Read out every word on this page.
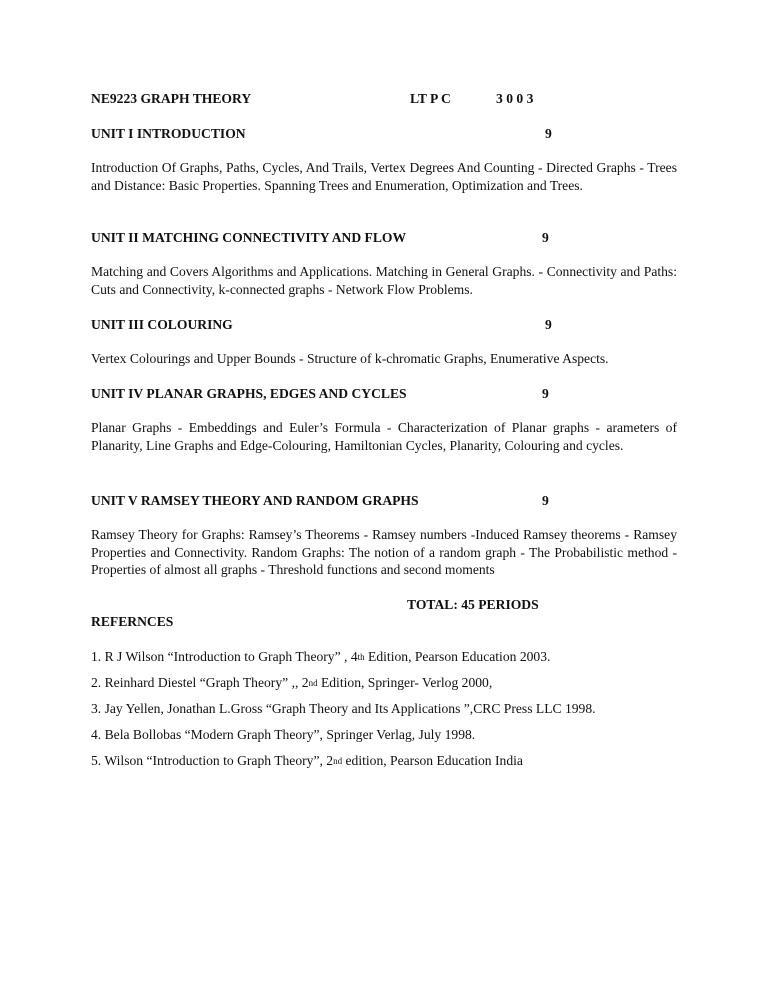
NE9223 GRAPH THEORY	LT P C	3 0 0 3
UNIT I INTRODUCTION	9
Introduction Of Graphs, Paths, Cycles, And Trails, Vertex Degrees And Counting - Directed Graphs - Trees and Distance: Basic Properties. Spanning Trees and Enumeration, Optimization and Trees.
UNIT II MATCHING CONNECTIVITY AND FLOW	9
Matching and Covers Algorithms and Applications. Matching in General Graphs. - Connectivity and Paths: Cuts and Connectivity, k-connected graphs - Network Flow Problems.
UNIT III COLOURING	9
Vertex Colourings and Upper Bounds - Structure of k-chromatic Graphs, Enumerative Aspects.
UNIT IV PLANAR GRAPHS, EDGES AND CYCLES	9
Planar Graphs - Embeddings and Euler’s Formula - Characterization of Planar graphs - arameters of Planarity, Line Graphs and Edge-Colouring, Hamiltonian Cycles, Planarity, Colouring and cycles.
UNIT V RAMSEY THEORY AND RANDOM GRAPHS	9
Ramsey Theory for Graphs: Ramsey’s Theorems - Ramsey numbers -Induced Ramsey theorems - Ramsey Properties and Connectivity. Random Graphs: The notion of a random graph - The Probabilistic method - Properties of almost all graphs - Threshold functions and second moments
TOTAL: 45 PERIODS
REFERNCES
1. R J Wilson “Introduction to Graph Theory” , 4th Edition, Pearson Education 2003.
2. Reinhard Diestel “Graph Theory” ,, 2nd Edition, Springer- Verlog 2000,
3. Jay Yellen, Jonathan L.Gross “Graph Theory and Its Applications ”,CRC Press LLC 1998.
4. Bela Bollobas “Modern Graph Theory”, Springer Verlag, July 1998.
5. Wilson “Introduction to Graph Theory”, 2nd edition, Pearson Education India
